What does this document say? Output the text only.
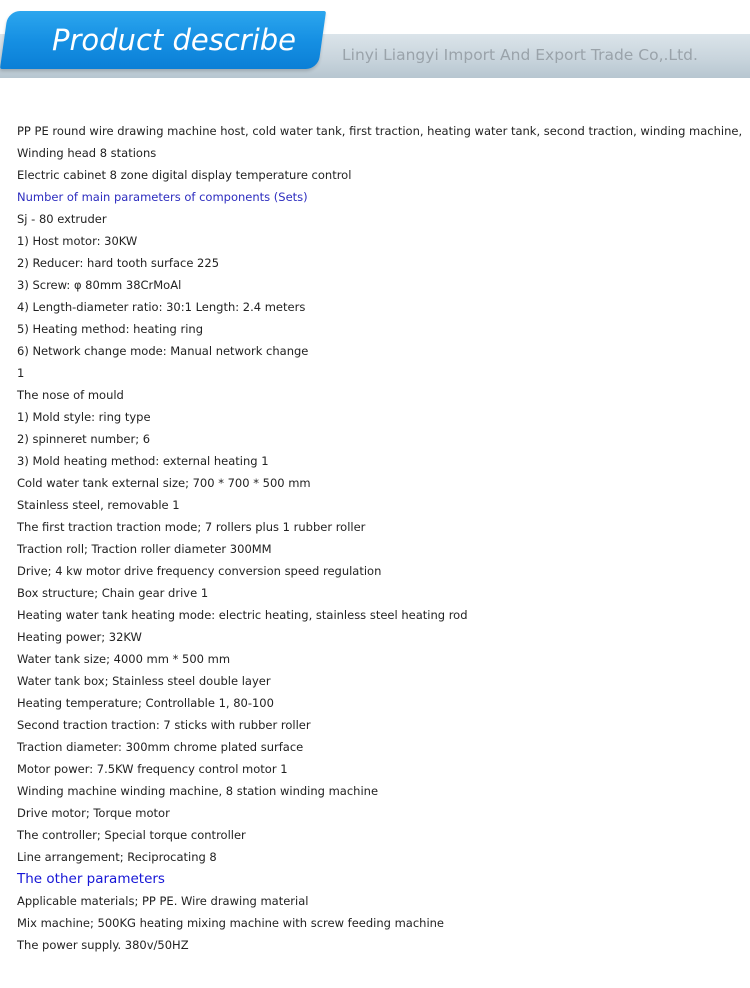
Product describe	Linyi Liangyi Import And Export Trade Co,.Ltd.
PP PE round wire drawing machine host, cold water tank, first traction, heating water tank, second traction, winding machine,
Winding head 8 stations
Electric cabinet 8 zone digital display temperature control
Number of main parameters of components (Sets)
Sj - 80 extruder
1) Host motor: 30KW
2) Reducer: hard tooth surface 225
3) Screw: φ 80mm 38CrMoAl
4) Length-diameter ratio: 30:1 Length: 2.4 meters
5) Heating method: heating ring
6) Network change mode: Manual network change
1
The nose of mould
1) Mold style: ring type
2) spinneret number; 6
3) Mold heating method: external heating 1
Cold water tank external size; 700 * 700 * 500 mm
Stainless steel, removable 1
The first traction traction mode; 7 rollers plus 1 rubber roller
Traction roll; Traction roller diameter 300MM
Drive; 4 kw motor drive frequency conversion speed regulation
Box structure; Chain gear drive 1
Heating water tank heating mode: electric heating, stainless steel heating rod
Heating power; 32KW
Water tank size; 4000 mm * 500 mm
Water tank box; Stainless steel double layer
Heating temperature; Controllable 1, 80-100
Second traction traction: 7 sticks with rubber roller
Traction diameter: 300mm chrome plated surface
Motor power: 7.5KW frequency control motor 1
Winding machine winding machine, 8 station winding machine
Drive motor; Torque motor
The controller; Special torque controller
Line arrangement; Reciprocating 8
The other parameters
Applicable materials; PP PE. Wire drawing material
Mix machine; 500KG heating mixing machine with screw feeding machine
The power supply. 380v/50HZ
